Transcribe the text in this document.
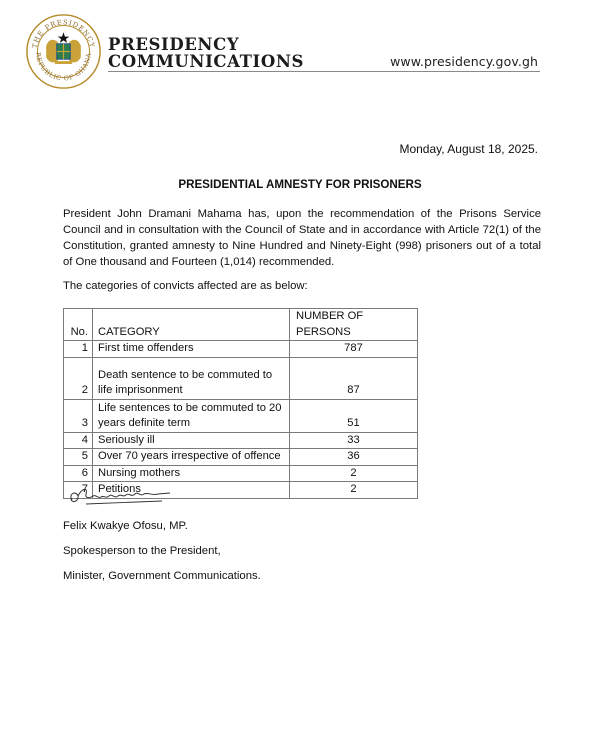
THE PRESIDENCY
REPUBLIC OF GHANA
PRESIDENCY
COMMUNICATIONS	www.presidency.gov.gh
Monday, August 18, 2025.
PRESIDENTIAL AMNESTY FOR PRISONERS
President John Dramani Mahama has, upon the recommendation of the Prisons Service Council and in consultation with the Council of State and in accordance with Article 72(1) of the Constitution, granted amnesty to Nine Hundred and Ninety-Eight (998) prisoners out of a total of One thousand and Fourteen (1,014) recommended.
The categories of convicts affected are as below:
No.	CATEGORY	NUMBER OF PERSONS
1	First time offenders	787
2	Death sentence to be commuted to life imprisonment	87
3	Life sentences to be commuted to 20 years definite term	51
4	Seriously ill	33
5	Over 70 years irrespective of offence	36
6	Nursing mothers	2
7	Petitions	2
Felix Kwakye Ofosu, MP.
Spokesperson to the President,
Minister, Government Communications.
